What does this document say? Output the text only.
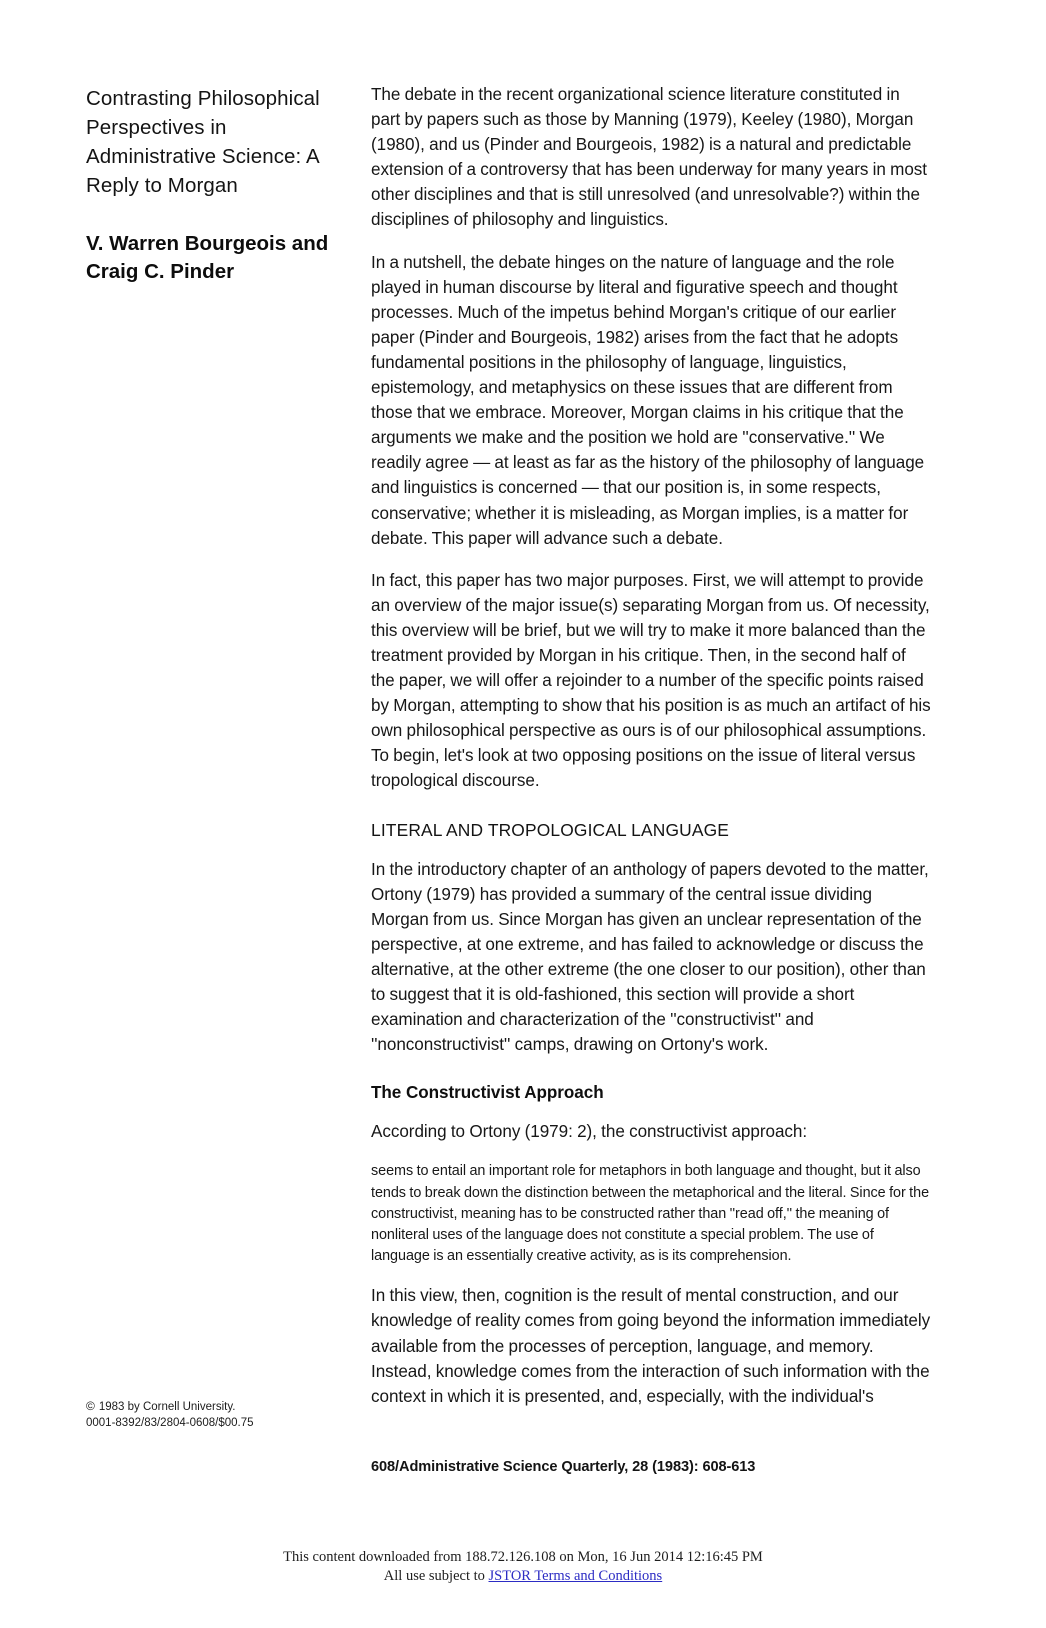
Contrasting Philosophical Perspectives in Administrative Science: A Reply to Morgan
V. Warren Bourgeois and Craig C. Pinder
© 1983 by Cornell University.
0001-8392/83/2804-0608/$00.75

The debate in the recent organizational science literature constituted in part by papers such as those by Manning (1979), Keeley (1980), Morgan (1980), and us (Pinder and Bourgeois, 1982) is a natural and predictable extension of a controversy that has been underway for many years in most other disciplines and that is still unresolved (and unresolvable?) within the disciplines of philosophy and linguistics.

In a nutshell, the debate hinges on the nature of language and the role played in human discourse by literal and figurative speech and thought processes. Much of the impetus behind Morgan's critique of our earlier paper (Pinder and Bourgeois, 1982) arises from the fact that he adopts fundamental positions in the philosophy of language, linguistics, epistemology, and metaphysics on these issues that are different from those that we embrace. Moreover, Morgan claims in his critique that the arguments we make and the position we hold are ''conservative.'' We readily agree — at least as far as the history of the philosophy of language and linguistics is concerned — that our position is, in some respects, conservative; whether it is misleading, as Morgan implies, is a matter for debate. This paper will advance such a debate.

In fact, this paper has two major purposes. First, we will attempt to provide an overview of the major issue(s) separating Morgan from us. Of necessity, this overview will be brief, but we will try to make it more balanced than the treatment provided by Morgan in his critique. Then, in the second half of the paper, we will offer a rejoinder to a number of the specific points raised by Morgan, attempting to show that his position is as much an artifact of his own philosophical perspective as ours is of our philosophical assumptions. To begin, let's look at two opposing positions on the issue of literal versus tropological discourse.

LITERAL AND TROPOLOGICAL LANGUAGE

In the introductory chapter of an anthology of papers devoted to the matter, Ortony (1979) has provided a summary of the central issue dividing Morgan from us. Since Morgan has given an unclear representation of the perspective, at one extreme, and has failed to acknowledge or discuss the alternative, at the other extreme (the one closer to our position), other than to suggest that it is old-fashioned, this section will provide a short examination and characterization of the ''constructivist'' and ''nonconstructivist'' camps, drawing on Ortony's work.

The Constructivist Approach

According to Ortony (1979: 2), the constructivist approach:

seems to entail an important role for metaphors in both language and thought, but it also tends to break down the distinction between the metaphorical and the literal. Since for the constructivist, meaning has to be constructed rather than ''read off,'' the meaning of nonliteral uses of the language does not constitute a special problem. The use of language is an essentially creative activity, as is its comprehension.

In this view, then, cognition is the result of mental construction, and our knowledge of reality comes from going beyond the information immediately available from the processes of perception, language, and memory. Instead, knowledge comes from the interaction of such information with the context in which it is presented, and, especially, with the individual's

608/Administrative Science Quarterly, 28 (1983): 608-613
This content downloaded from 188.72.126.108 on Mon, 16 Jun 2014 12:16:45 PM
All use subject to JSTOR Terms and Conditions
